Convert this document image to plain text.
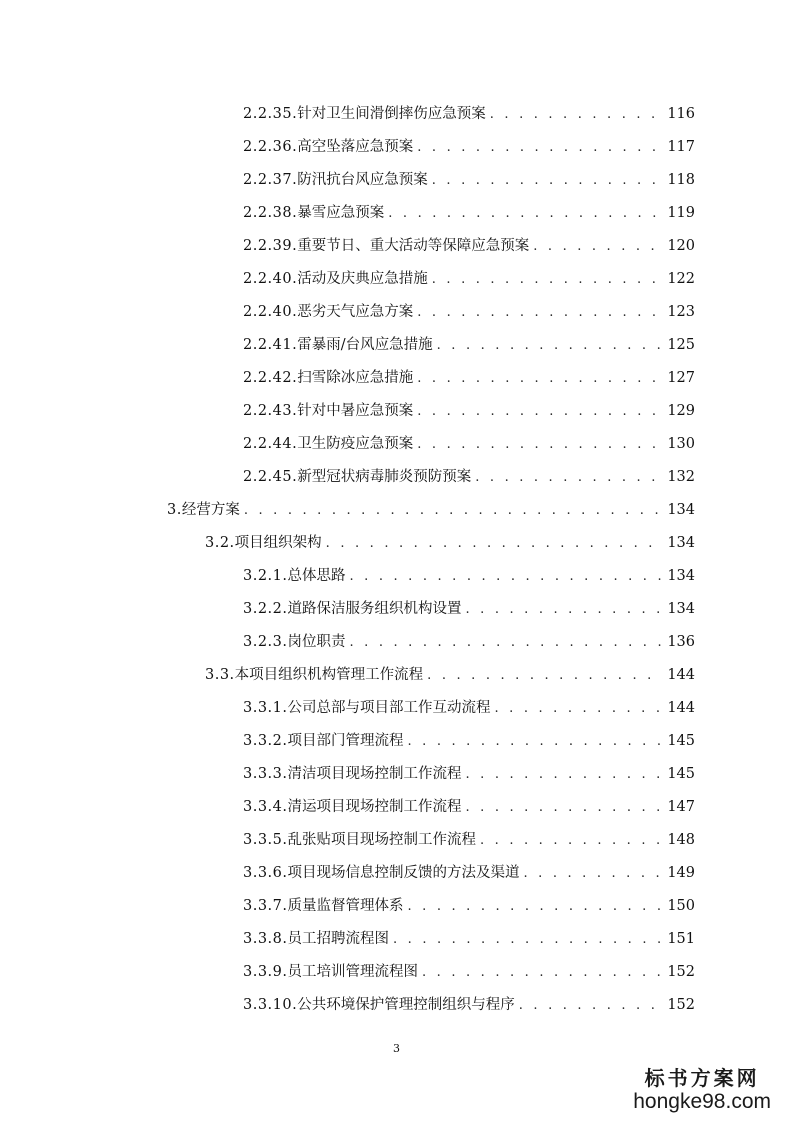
2.2.35. 针对卫生间滑倒摔伤应急预案 . . .	116
2.2.36. 高空坠落应急预案 . . .	117
2.2.37. 防汛抗台风应急预案 . . .	118
2.2.38. 暴雪应急预案 . . .	119
2.2.39. 重要节日、重大活动等保障应急预案 . . .	120
2.2.40. 活动及庆典应急措施 . . .	122
2.2.40. 恶劣天气应急方案 . . .	123
2.2.41. 雷暴雨/台风应急措施 . . .	125
2.2.42. 扫雪除冰应急措施 . . .	127
2.2.43. 针对中暑应急预案 . . .	129
2.2.44. 卫生防疫应急预案 . . .	130
2.2.45. 新型冠状病毒肺炎预防预案 . . .	132
3. 经营方案 . . .	134
3.2. 项目组织架构 . . .	134
3.2.1. 总体思路 . . .	134
3.2.2. 道路保洁服务组织机构设置 . . .	134
3.2.3. 岗位职责 . . .	136
3.3. 本项目组织机构管理工作流程 . . .	144
3.3.1. 公司总部与项目部工作互动流程 . . .	144
3.3.2. 项目部门管理流程 . . .	145
3.3.3. 清洁项目现场控制工作流程 . . .	145
3.3.4. 清运项目现场控制工作流程 . . .	147
3.3.5. 乱张贴项目现场控制工作流程 . . .	148
3.3.6. 项目现场信息控制反馈的方法及渠道 . . .	149
3.3.7. 质量监督管理体系 . . .	150
3.3.8. 员工招聘流程图 . . .	151
3.3.9. 员工培训管理流程图 . . .	152
3.3.10. 公共环境保护管理控制组织与程序 . . .	152
3
标书方案网
hongke98.com
